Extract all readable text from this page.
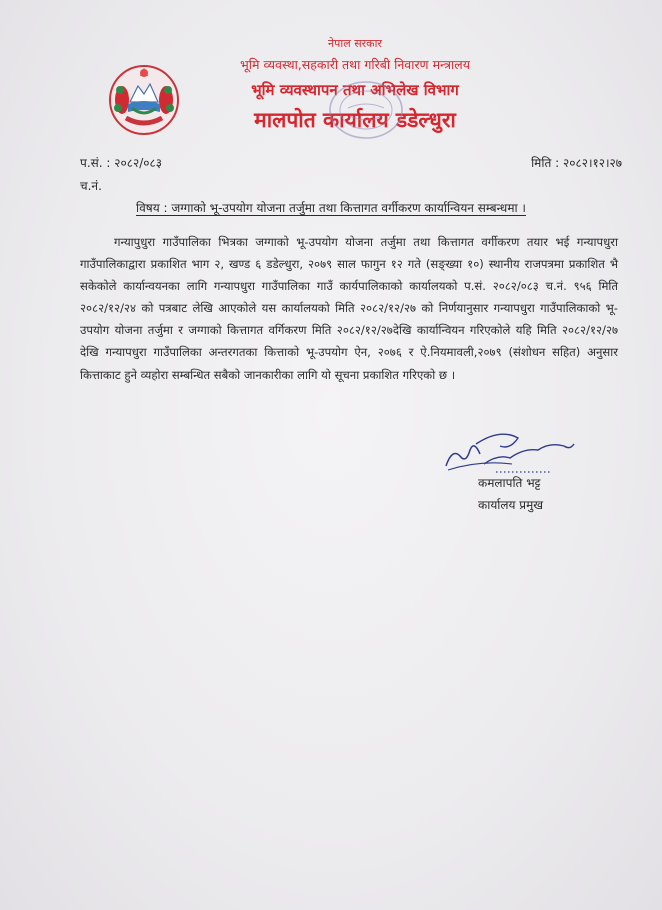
नेपाल सरकार
भूमि व्यवस्था,सहकारी तथा गरिबी निवारण मन्त्रालय
भूमि व्यवस्थापन तथा अभिलेख विभाग
मालपोत कार्यालय डडेल्धुरा
प.सं. : २०८२/०८३
च.नं.
मिति : २०८२।१२।२७
विषय : जग्गाको भू-उपयोग योजना तर्जुमा तथा कित्तागत वर्गीकरण कार्यान्वियन सम्बन्धमा ।
गन्यापुधुरा गाउँपालिका भित्रका जग्गाको भू-उपयोग योजना तर्जुमा तथा कित्तागत वर्गीकरण तयार भई गन्यापधुरा गाउँपालिकाद्वारा प्रकाशित भाग २, खण्ड ६ डडेल्धुरा, २०७९ साल फागुन १२ गते (सङ्ख्या १०) स्थानीय राजपत्रमा प्रकाशित भै सकेकोले कार्यान्वयनका लागि गन्यापधुरा गाउँपालिका गाउँ कार्यपालिकाको कार्यालयको प.सं. २०८२/०८३ च.नं. ९५६ मिति २०८२/१२/२४ को पत्रबाट लेखि आएकोले यस कार्यालयको मिति २०८२/१२/२७ को निर्णयानुसार गन्यापधुरा गाउँपालिकाको भू-उपयोग योजना तर्जुमा र जग्गाको कित्तागत वर्गिकरण मिति २०८२/१२/२७देखि कार्यान्वियन गरिएकोले यहि मिति २०८२/१२/२७ देखि गन्यापधुरा गाउँपालिका अन्तरगतका कित्ताको भू-उपयोग ऐन, २०७६ र ऐ.नियमावली,२०७९ (संशोधन सहित) अनुसार कित्ताकाट हुने व्यहोरा सम्बन्धित सबैको जानकारीका लागि यो सूचना प्रकाशित गरिएको छ ।
कमलापति भट्ट
कार्यालय प्रमुख
